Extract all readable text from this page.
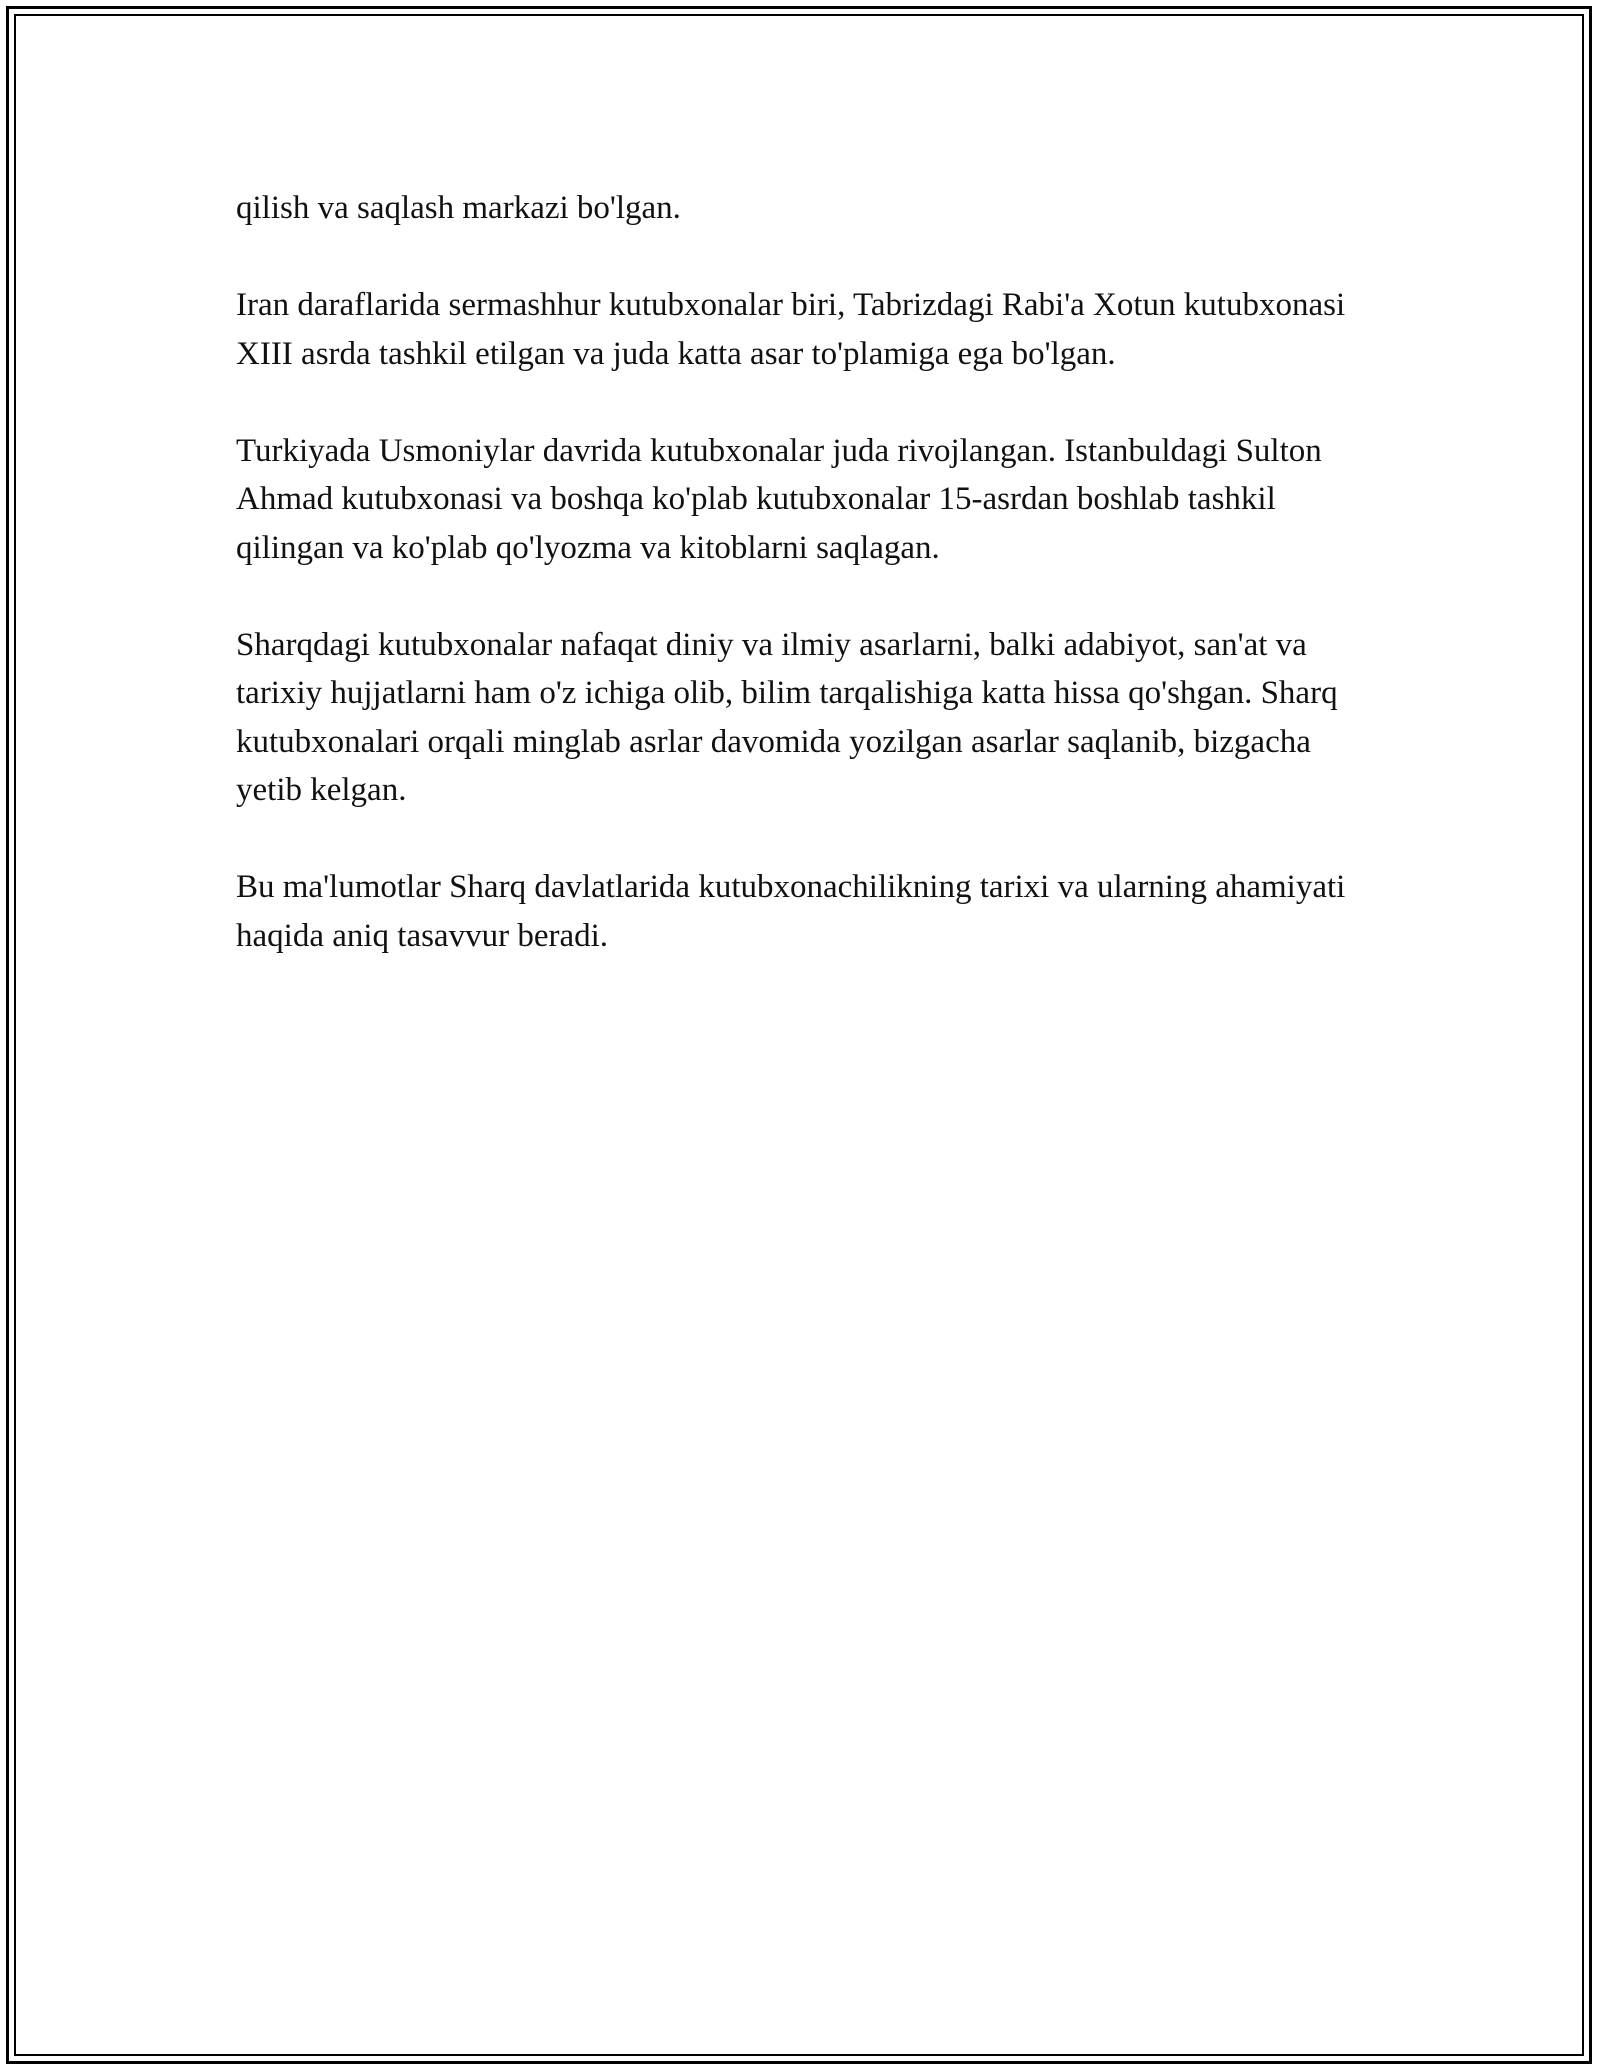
qilish va saqlash markazi bo'lgan.

Iran daraflarida sermashhur kutubxonalar biri, Tabrizdagi Rabi'a Xotun kutubxonasi XIII asrda tashkil etilgan va juda katta asar to'plamiga ega bo'lgan.

Turkiyada Usmoniylar davrida kutubxonalar juda rivojlangan. Istanbuldagi Sulton Ahmad kutubxonasi va boshqa ko'plab kutubxonalar 15-asrdan boshlab tashkil qilingan va ko'plab qo'lyozma va kitoblarni saqlagan.

Sharqdagi kutubxonalar nafaqat diniy va ilmiy asarlarni, balki adabiyot, san'at va tarixiy hujjatlarni ham o'z ichiga olib, bilim tarqalishiga katta hissa qo'shgan. Sharq kutubxonalari orqali minglab asrlar davomida yozilgan asarlar saqlanib, bizgacha yetib kelgan.

Bu ma'lumotlar Sharq davlatlarida kutubxonachilikning tarixi va ularning ahamiyati haqida aniq tasavvur beradi.
